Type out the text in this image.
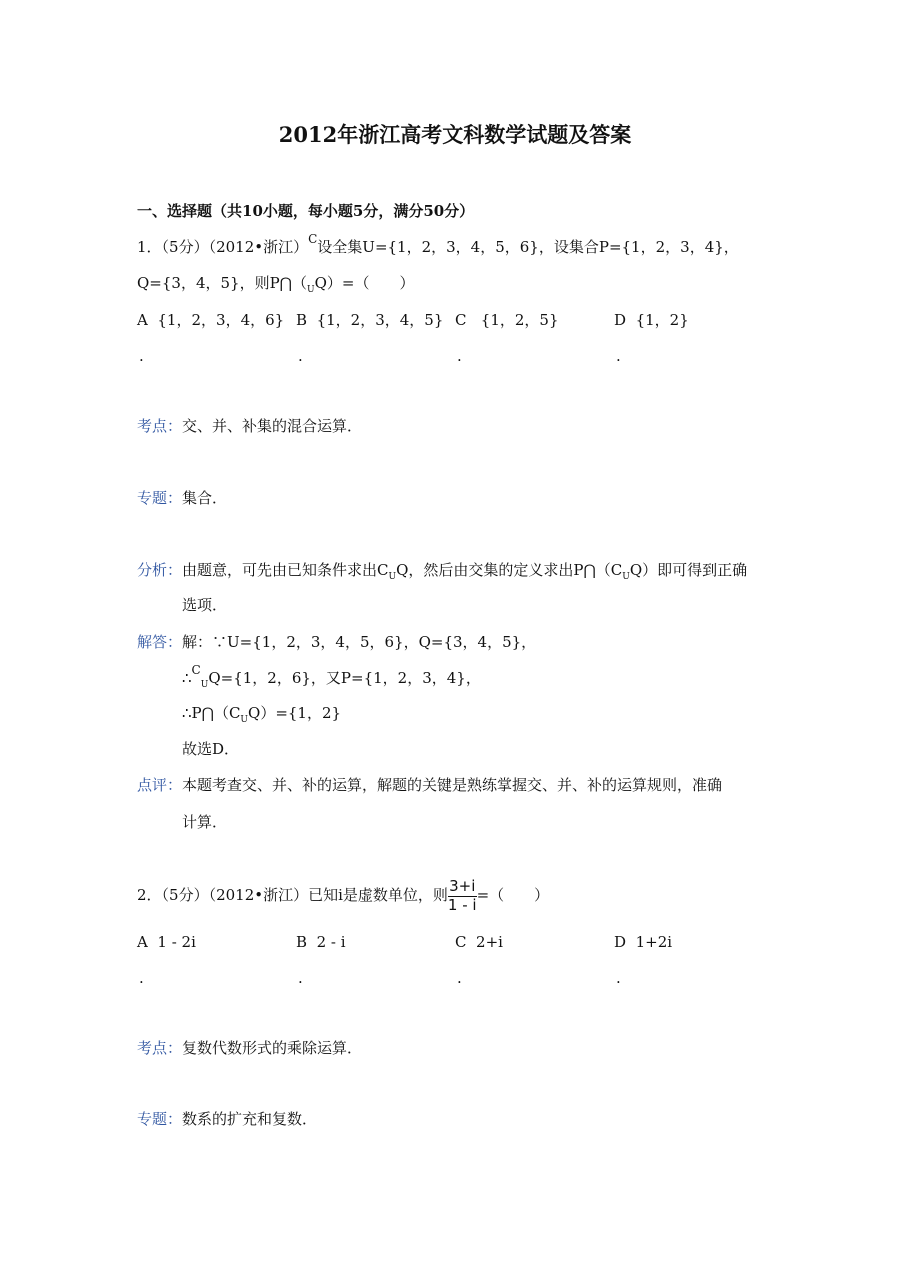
2012年浙江高考文科数学试题及答案
一、选择题（共10小题，每小题5分，满分50分）
1．（5分）（2012•浙江）$^C$设全集U={1，2，3，4，5，6}，设集合P={1，2，3，4}，
Q={3，4，5}，则$P⋂(_UQ)=$（　　）
A {1，2，3，4，6} B {1，2，3，4，5} C {1，2，5}	D {1，2}
.	.	.	.
考点：交、并、补集的混合运算．
专题：集合．
分析：由题意，可先由已知条件求出$C_UQ$，然后由交集的定义求出$P⋂(C_UQ)$即可得到正确
选项．
解答：解：∵U={1，2，3，4，5，6}，Q={3，4，5}，
∴$^C_U$Q={1，2，6}，又P={1，2，3，4}，
$\therefore P⋂(C_UQ)=\{1$，2}
故选D．
点评：本题考查交、并、补的运算，解题的关键是熟练掌握交、并、补的运算规则，准确
计算．
2．（5分）（2012•浙江）已知i是虚数单位，则 $\frac{3+i}{1 - i}$ =（　　）
A 1 - 2i	B 2 - i	C 2+i	D 1+2i
.	.	.	.
考点：复数代数形式的乘除运算．
专题：数系的扩充和复数．
